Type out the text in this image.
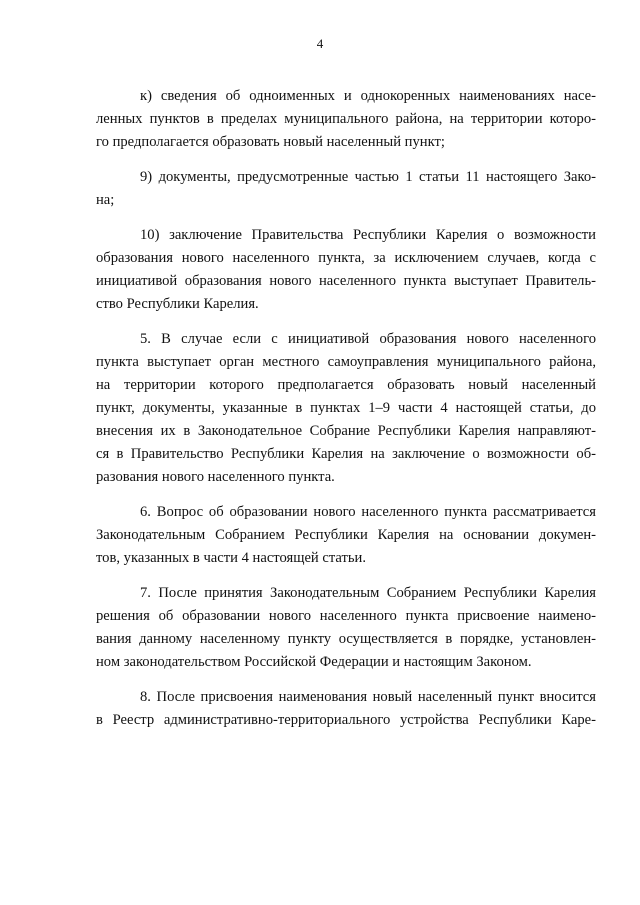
4

к) сведения об одноименных и однокоренных наименованиях насе-
ленных пунктов в пределах муниципального района, на территории которо-
го предполагается образовать новый населенный пункт;

9) документы, предусмотренные частью 1 статьи 11 настоящего Зако-
на;

10) заключение Правительства Республики Карелия о возможности
образования нового населенного пункта, за исключением случаев, когда с
инициативой образования нового населенного пункта выступает Правитель-
ство Республики Карелия.

5. В случае если с инициативой образования нового населенного
пункта выступает орган местного самоуправления муниципального района,
на территории которого предполагается образовать новый населенный
пункт, документы, указанные в пунктах 1–9 части 4 настоящей статьи, до
внесения их в Законодательное Собрание Республики Карелия направляют-
ся в Правительство Республики Карелия на заключение о возможности об-
разования нового населенного пункта.

6. Вопрос об образовании нового населенного пункта рассматривается
Законодательным Собранием Республики Карелия на основании докумен-
тов, указанных в части 4 настоящей статьи.

7. После принятия Законодательным Собранием Республики Карелия
решения об образовании нового населенного пункта присвоение наимено-
вания данному населенному пункту осуществляется в порядке, установлен-
ном законодательством Российской Федерации и настоящим Законом.

8. После присвоения наименования новый населенный пункт вносится
в Реестр административно-территориального устройства Республики Каре-
